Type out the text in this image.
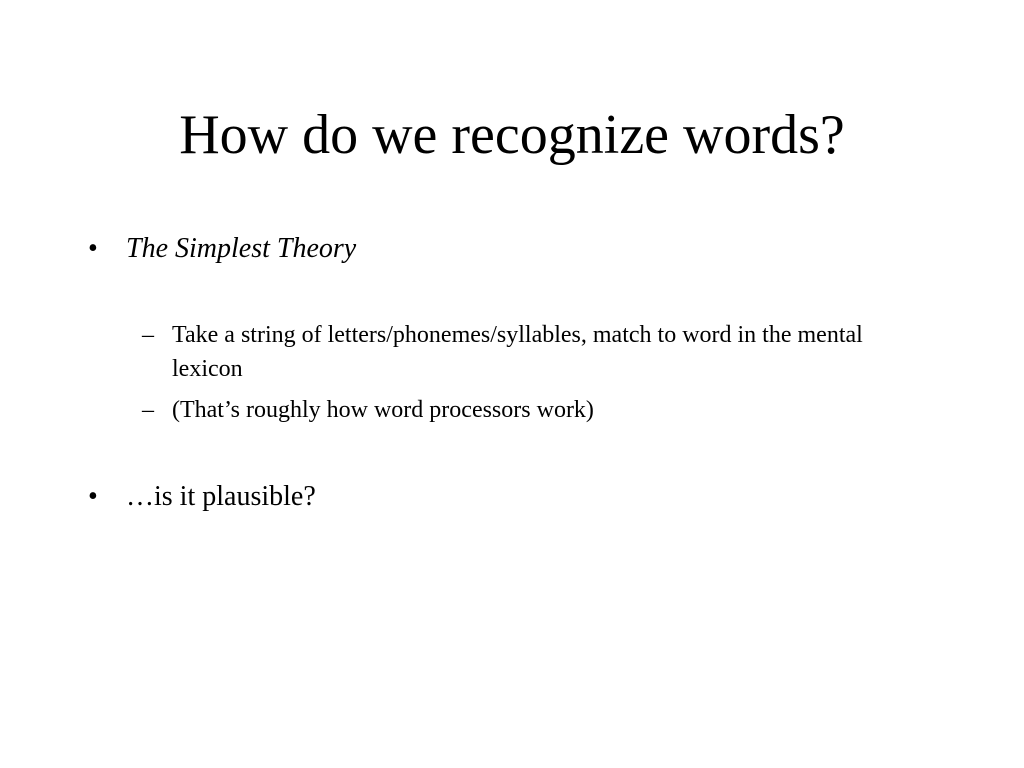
How do we recognize words?
• The Simplest Theory
– Take a string of letters/phonemes/syllables, match to word in the mental lexicon
– (That’s roughly how word processors work)
• …is it plausible?
